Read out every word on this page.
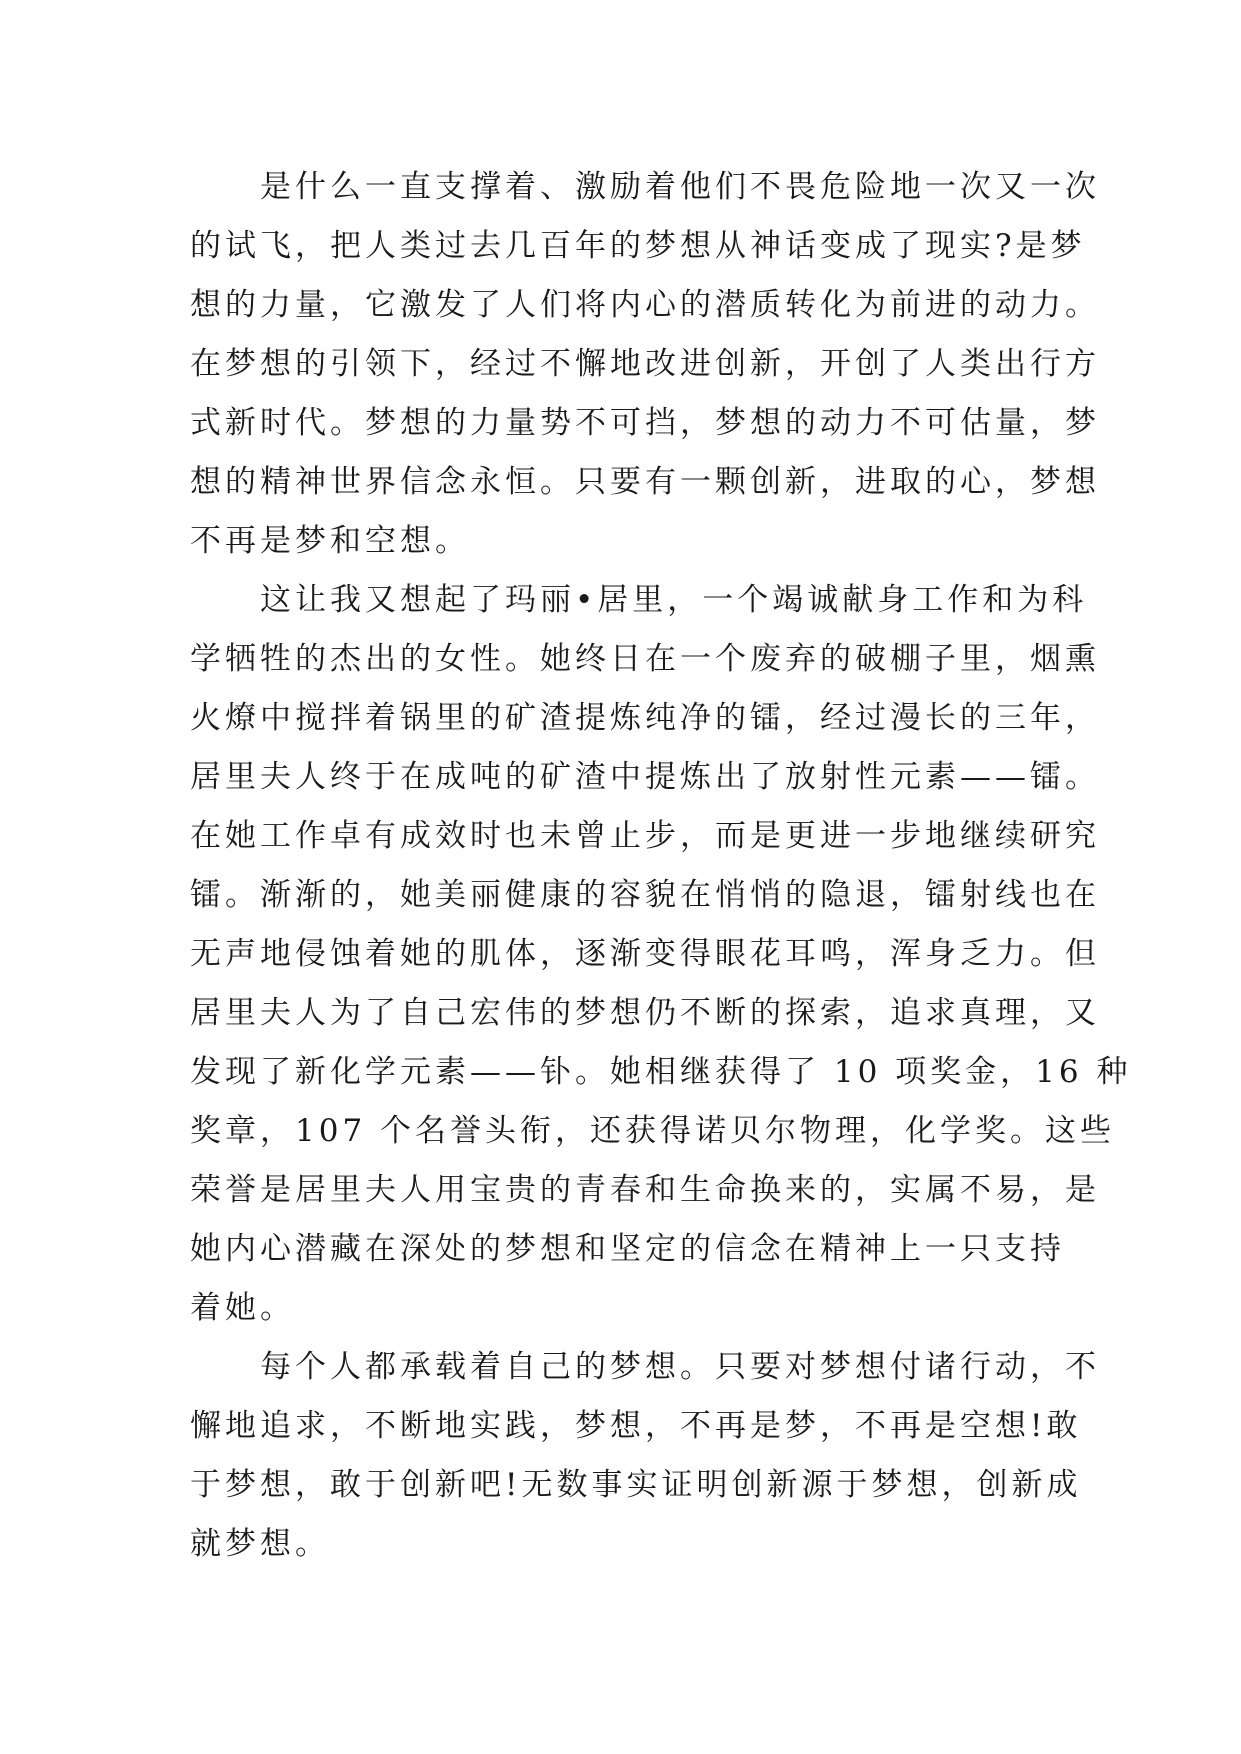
是什么一直支撑着、激励着他们不畏危险地一次又一次
的试飞，把人类过去几百年的梦想从神话变成了现实?是梦
想的力量，它激发了人们将内心的潜质转化为前进的动力。
在梦想的引领下，经过不懈地改进创新，开创了人类出行方
式新时代。梦想的力量势不可挡，梦想的动力不可估量，梦
想的精神世界信念永恒。只要有一颗创新，进取的心，梦想
不再是梦和空想。
这让我又想起了玛丽•居里，一个竭诚献身工作和为科
学牺牲的杰出的女性。她终日在一个废弃的破棚子里，烟熏
火燎中搅拌着锅里的矿渣提炼纯净的镭，经过漫长的三年，
居里夫人终于在成吨的矿渣中提炼出了放射性元素——镭。
在她工作卓有成效时也未曾止步，而是更进一步地继续研究
镭。渐渐的，她美丽健康的容貌在悄悄的隐退，镭射线也在
无声地侵蚀着她的肌体，逐渐变得眼花耳鸣，浑身乏力。但
居里夫人为了自己宏伟的梦想仍不断的探索，追求真理，又
发现了新化学元素——钋。她相继获得了 10 项奖金，16 种
奖章，107 个名誉头衔，还获得诺贝尔物理，化学奖。这些
荣誉是居里夫人用宝贵的青春和生命换来的，实属不易，是
她内心潜藏在深处的梦想和坚定的信念在精神上一只支持
着她。
每个人都承载着自己的梦想。只要对梦想付诸行动，不
懈地追求，不断地实践，梦想，不再是梦，不再是空想!敢
于梦想，敢于创新吧!无数事实证明创新源于梦想，创新成
就梦想。
